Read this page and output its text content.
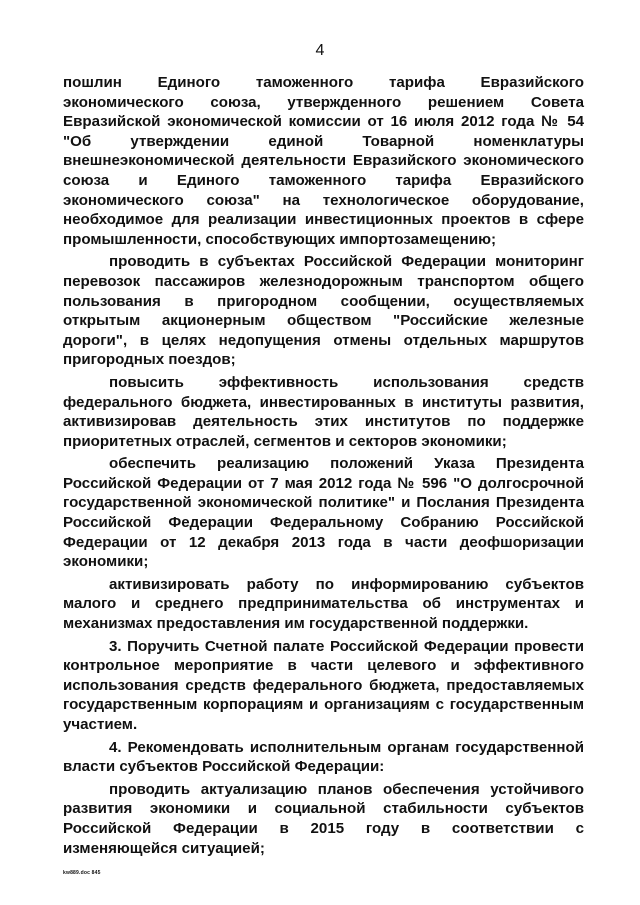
4
пошлин Единого таможенного тарифа Евразийского
экономического союза, утвержденного решением Совета
Евразийской экономической комиссии от 16 июля 2012 года № 54
"Об утверждении единой Товарной номенклатуры
внешнеэкономической деятельности Евразийского экономического
союза и Единого таможенного тарифа Евразийского
экономического союза" на технологическое оборудование,
необходимое для реализации инвестиционных проектов в сфере
промышленности, способствующих импортозамещению;
проводить в субъектах Российской Федерации мониторинг
перевозок пассажиров железнодорожным транспортом общего
пользования в пригородном сообщении, осуществляемых
открытым акционерным обществом "Российские железные
дороги", в целях недопущения отмены отдельных маршрутов
пригородных поездов;
повысить эффективность использования средств
федерального бюджета, инвестированных в институты развития,
активизировав деятельность этих институтов по поддержке
приоритетных отраслей, сегментов и секторов экономики;
обеспечить реализацию положений Указа Президента
Российской Федерации от 7 мая 2012 года № 596 "О долгосрочной
государственной экономической политике" и Послания Президента
Российской Федерации Федеральному Собранию Российской
Федерации от 12 декабря 2013 года в части деофшоризации
экономики;
активизировать работу по информированию субъектов
малого и среднего предпринимательства об инструментах и
механизмах предоставления им государственной поддержки.
3. Поручить Счетной палате Российской Федерации провести
контрольное мероприятие в части целевого и эффективного
использования средств федерального бюджета, предоставляемых
государственным корпорациям и организациям с государственным
участием.
4. Рекомендовать исполнительным органам государственной
власти субъектов Российской Федерации:
проводить актуализацию планов обеспечения устойчивого
развития экономики и социальной стабильности субъектов
Российской Федерации в 2015 году в соответствии с
изменяющейся ситуацией;
kw889.doc 845
